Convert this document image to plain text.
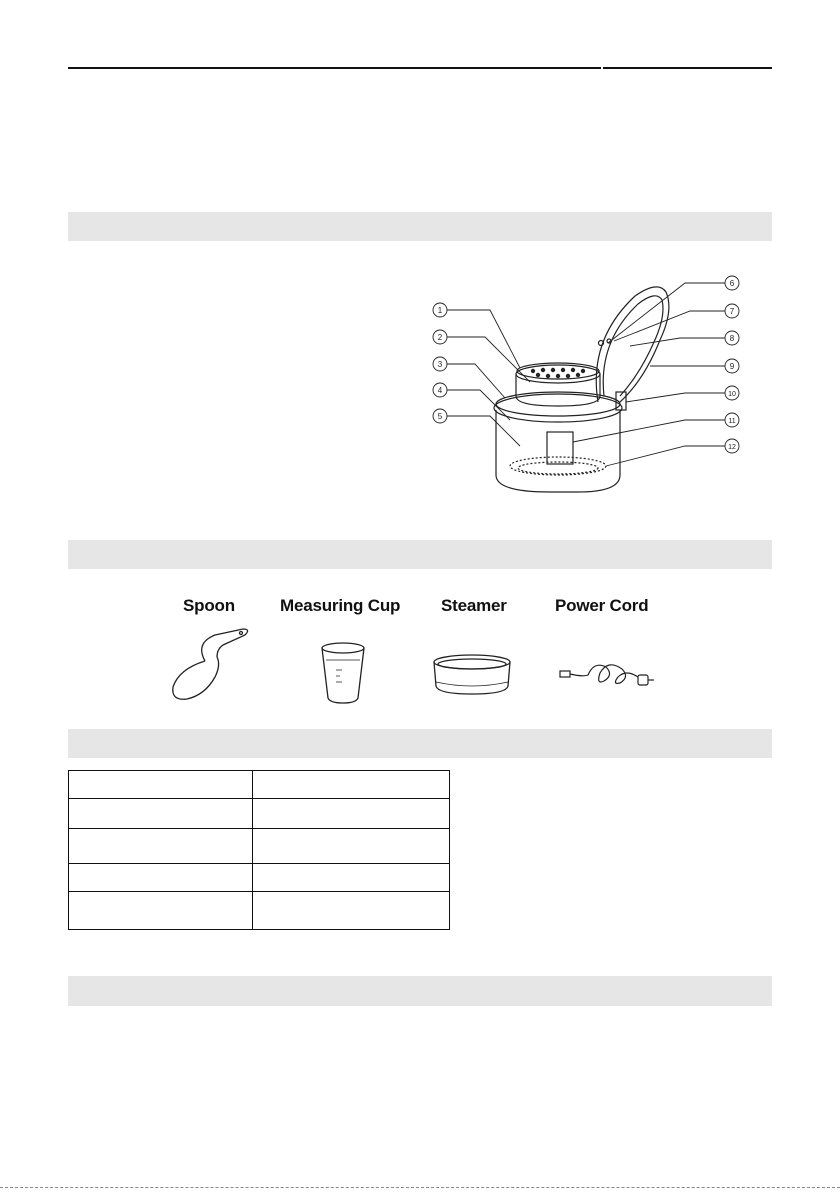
1
2
3
4
5
6
7
8
9
10
11
12
Spoon	Measuring Cup Steamer	Power Cord
